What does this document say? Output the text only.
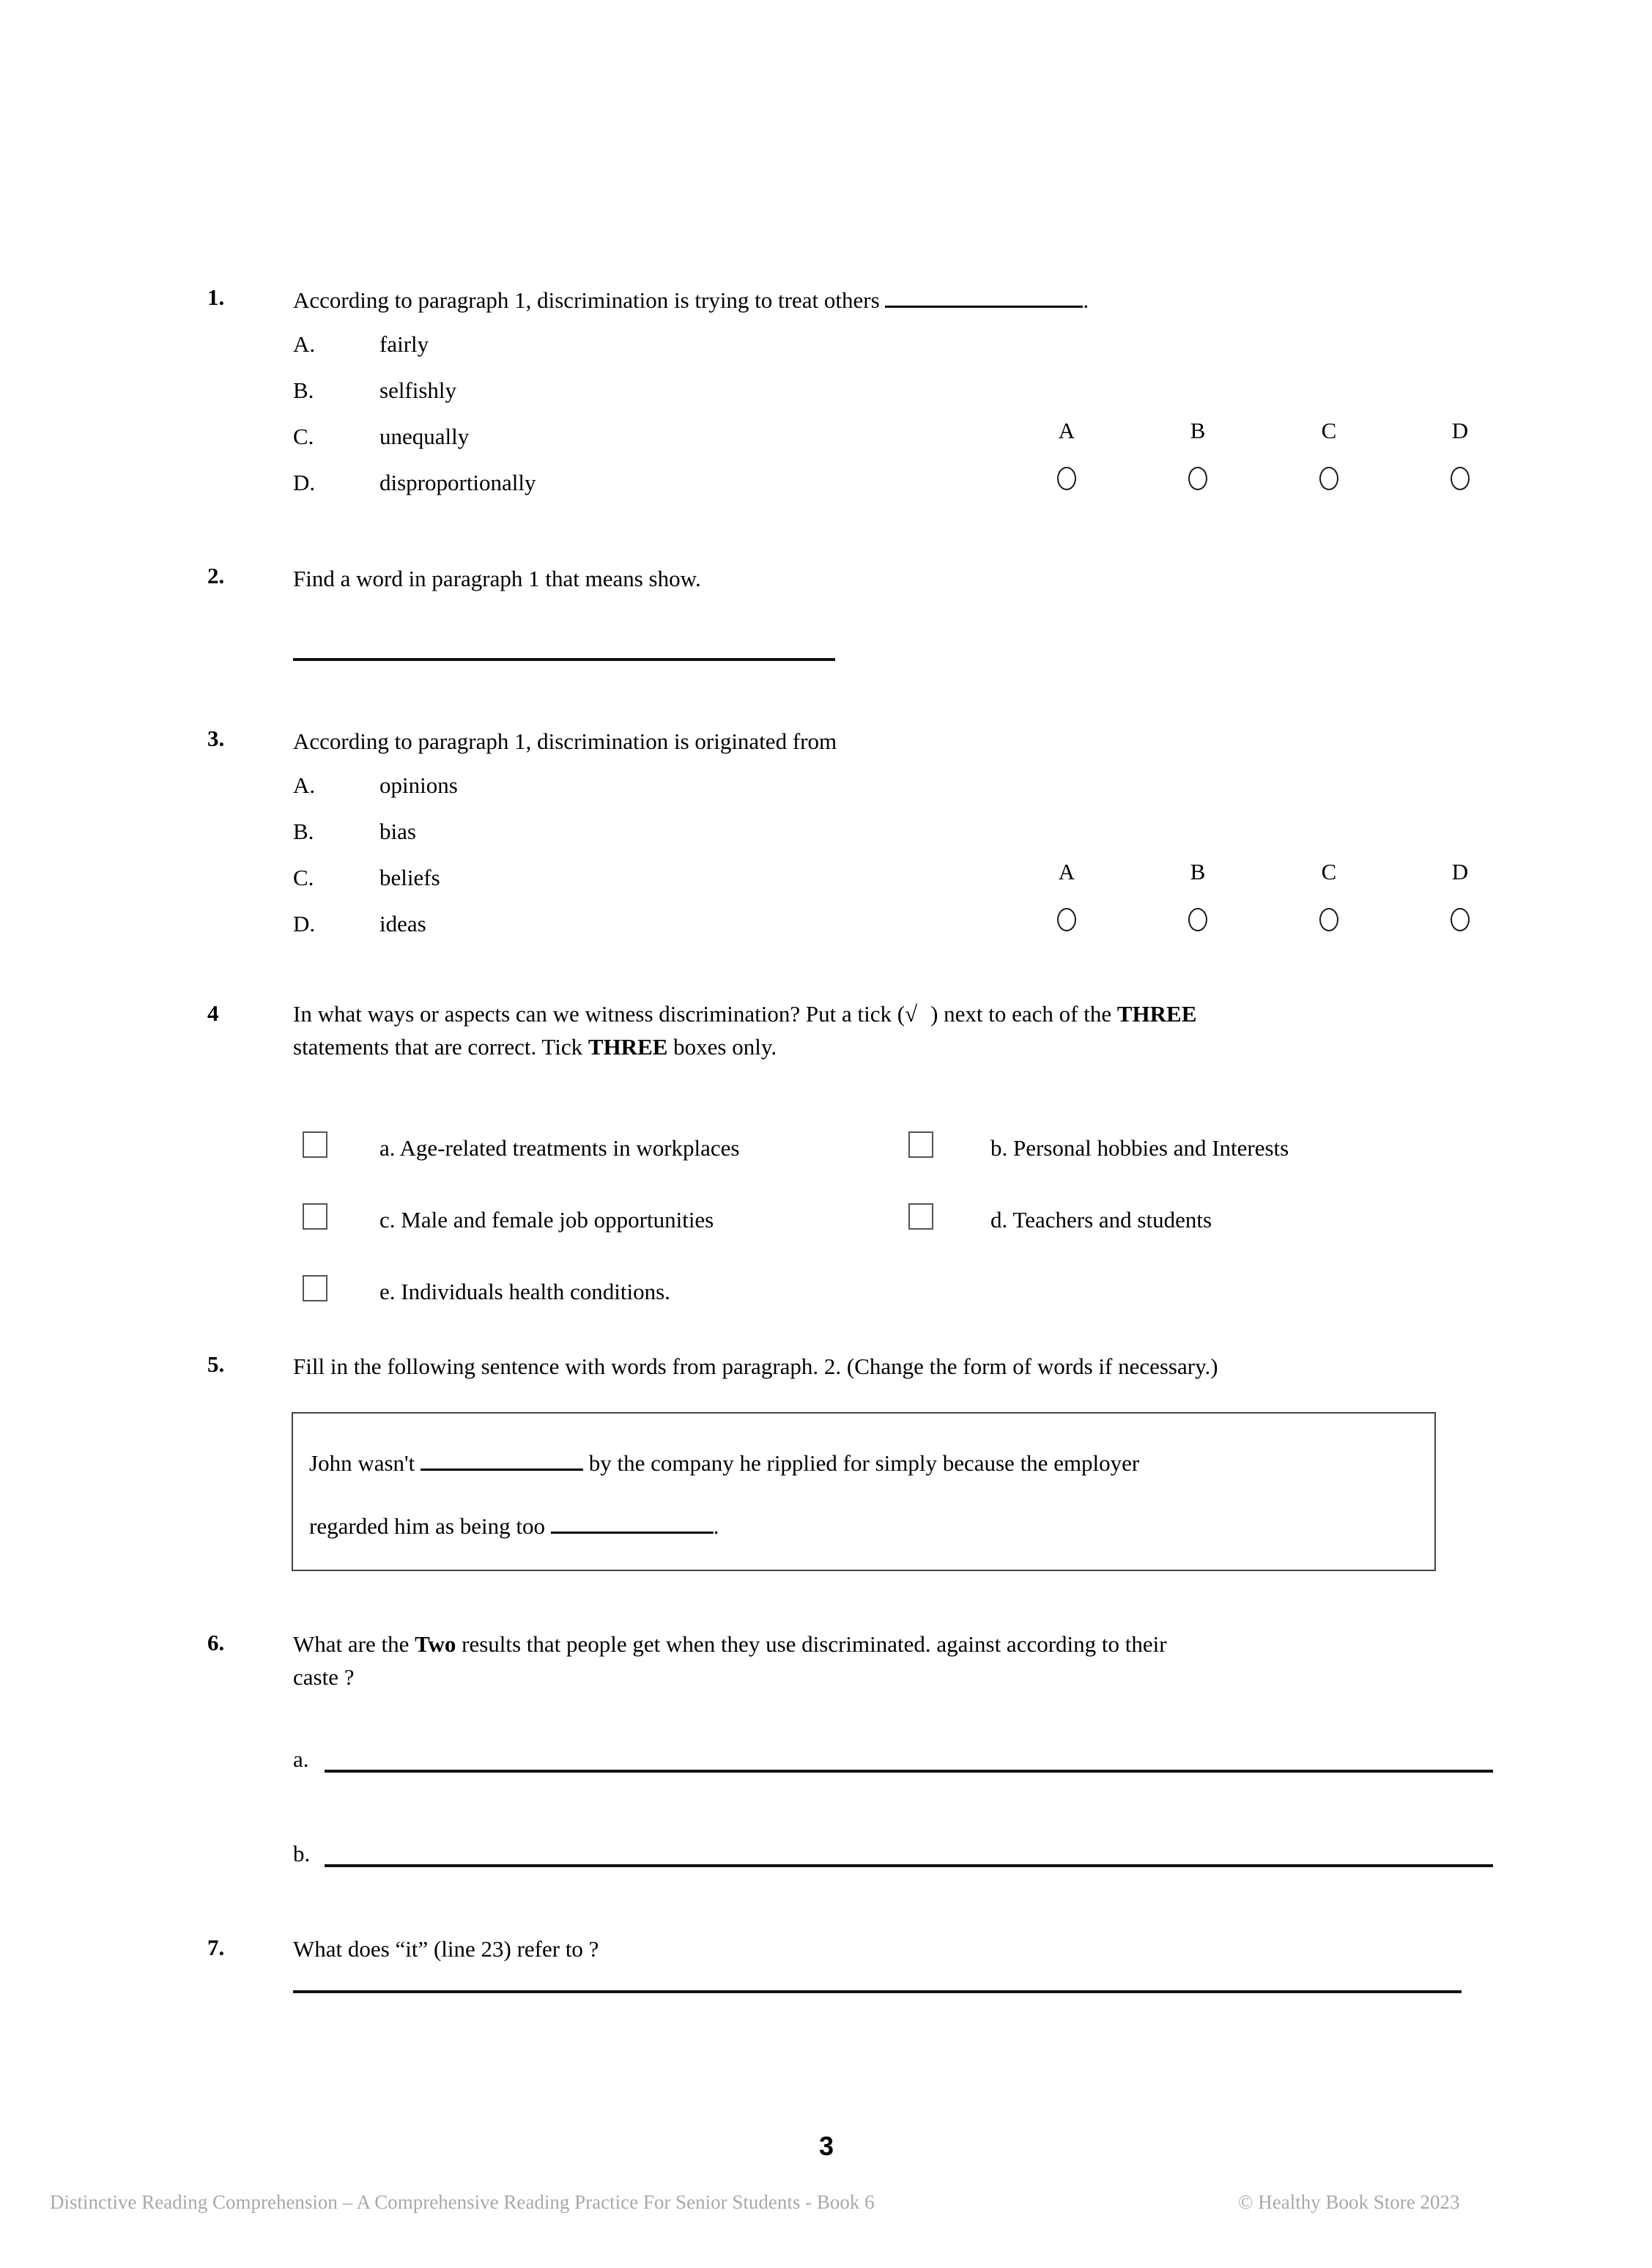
1.	According to paragraph 1, discrimination is trying to treat others	.
A.	fairly
B.	selfishly
C.	unequally
D.	disproportionally
A	B	C	D
2.	Find a word in paragraph 1 that means show.
3.	According to paragraph 1, discrimination is originated from
A.	opinions
B.	bias
C.	beliefs
D.	ideas
A	B	C	D
4	In what ways or aspects can we witness discrimination? Put a tick (√ ) next to each of the THREE
statements that are correct. Tick THREE boxes only.
a. Age-related treatments in workplaces	b. Personal hobbies and Interests
c. Male and female job opportunities	d. Teachers and students
e. Individuals health conditions.
5.	Fill in the following sentence with words from paragraph. 2. (Change the form of words if necessary.)
John wasn't	by the company he ripplied for simply because the employer
regarded him as being too	.
6.	What are the Two results that people get when they use discriminated. against according to their
caste ?
a.
b.
7.	What does “it” (line 23) refer to ?
3
Distinctive Reading Comprehension – A Comprehensive Reading Practice For Senior Students - Book 6	© Healthy Book Store 2023
